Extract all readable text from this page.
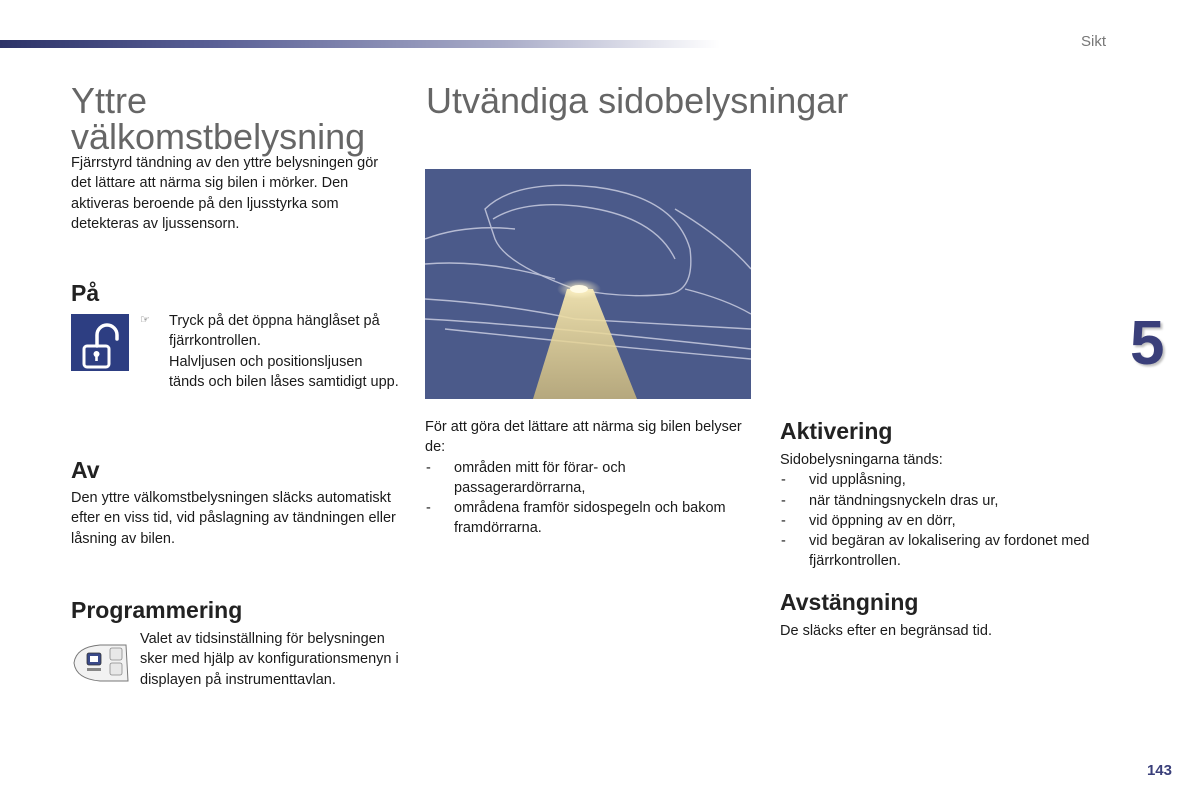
Sikt
5
143
Yttre
välkomstbelysning
Fjärrstyrd tändning av den yttre belysningen gör det lättare att närma sig bilen i mörker. Den aktiveras beroende på den ljusstyrka som detekteras av ljussensorn.
På
☞ Tryck på det öppna hänglåset på fjärrkontrollen.

Halvljusen och positionsljusen tänds och bilen låses samtidigt upp.

Av
Den yttre välkomstbelysningen släcks automatiskt efter en viss tid, vid påslagning av tändningen eller låsning av bilen.
Programmering
Valet av tidsinställning för belysningen sker med hjälp av konfigurationsmenyn i displayen på instrumenttavlan.
Utvändiga sidobelysningar

För att göra det lättare att närma sig bilen belyser de:

- områden mitt för förar- och passagerardörrarna,
- områdena framför sidospegeln och bakom framdörrarna.
Aktivering

Sidobelysningarna tänds:

- vid upplåsning,
- när tändningsnyckeln dras ur,
- vid öppning av en dörr,
- vid begäran av lokalisering av fordonet med fjärrkontrollen.
Avstängning
De släcks efter en begränsad tid.
